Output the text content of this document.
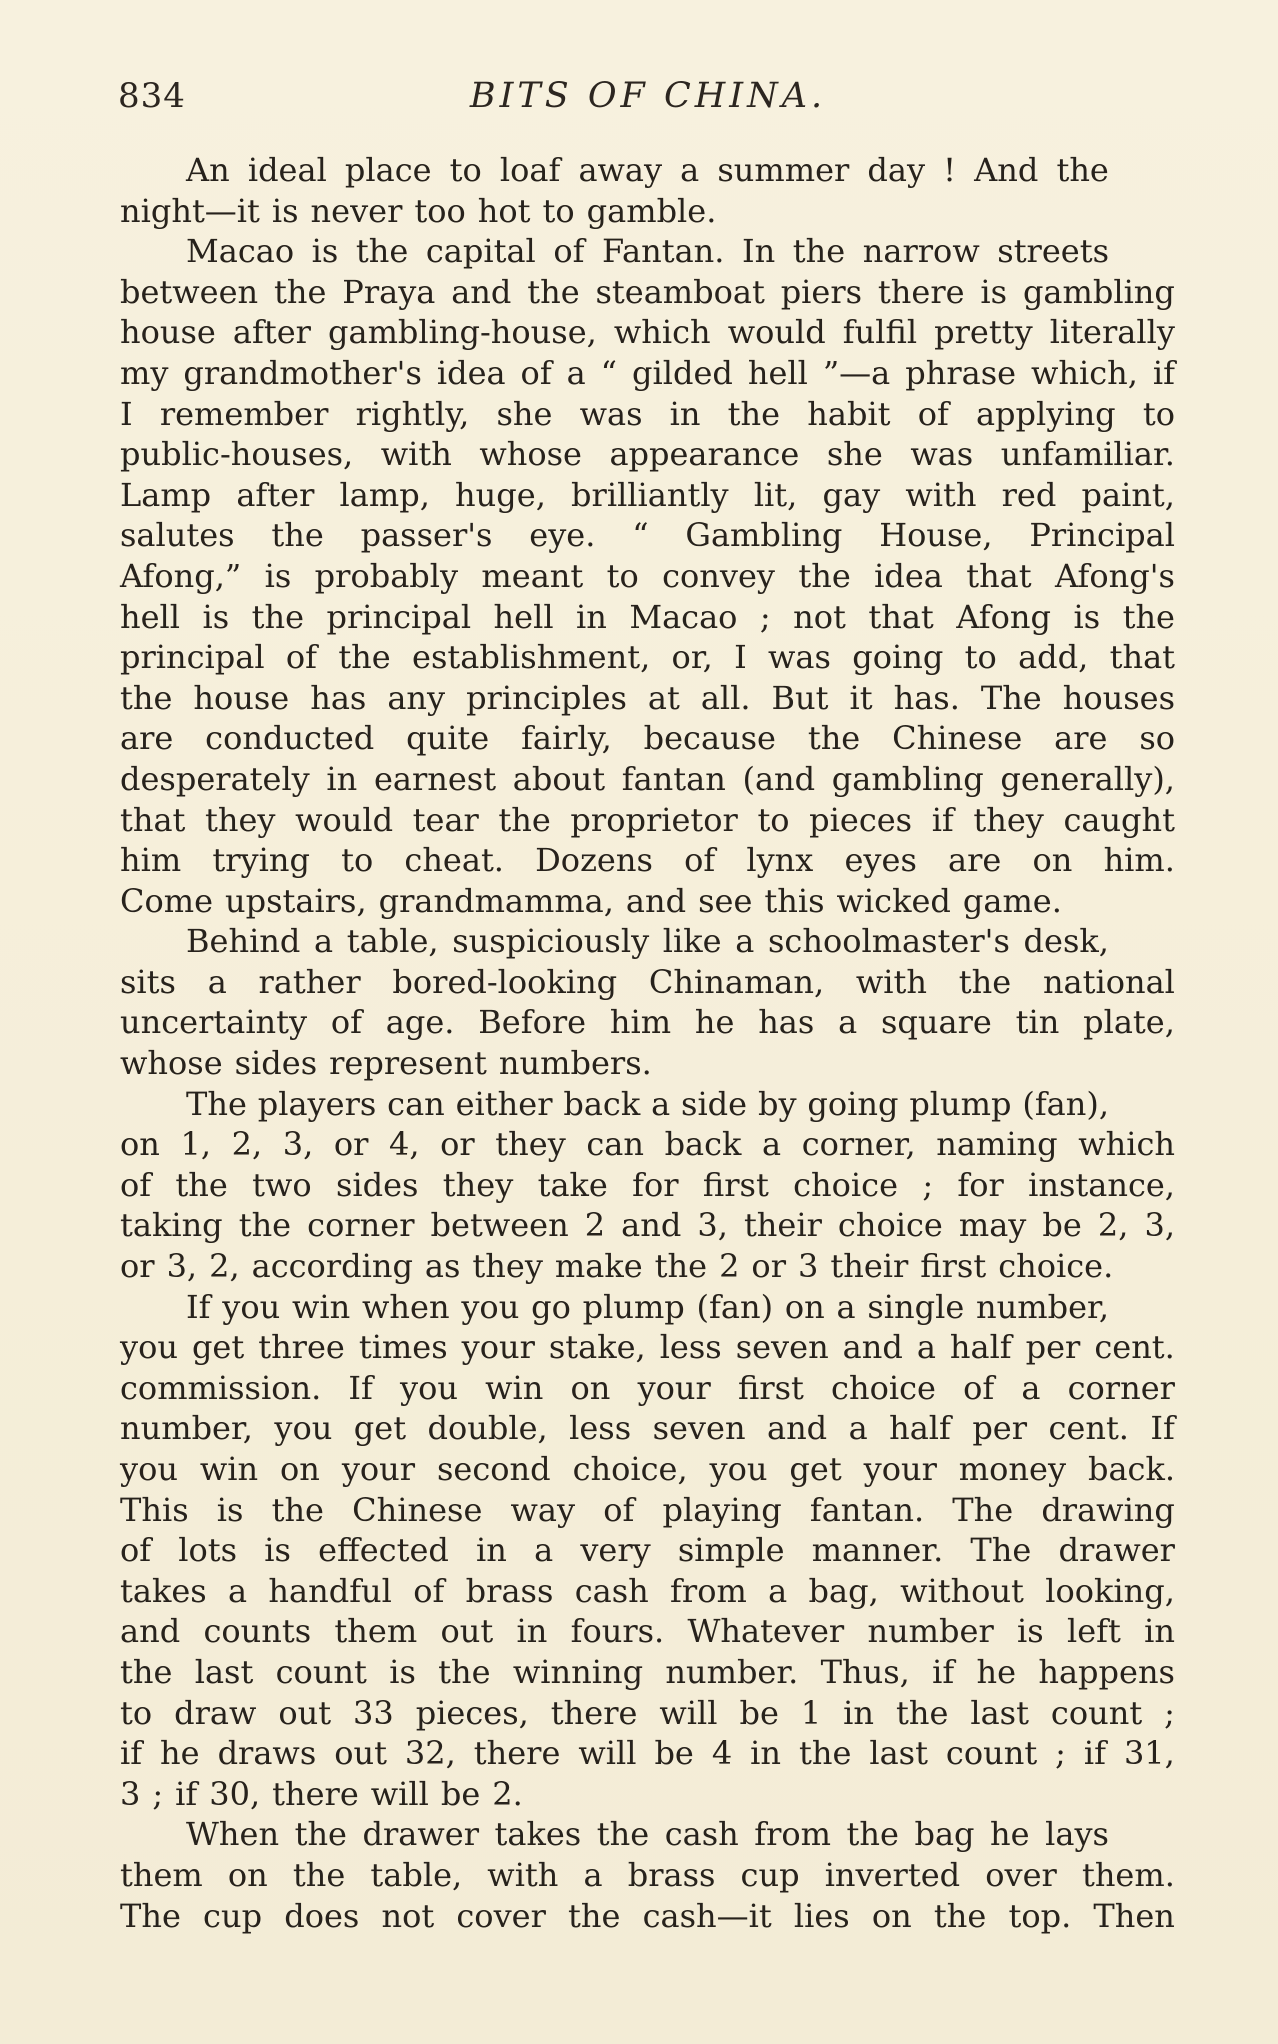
834	BITS OF CHINA.
An ideal place to loaf away a summer day ! And the
night—it is never too hot to gamble.
Macao is the capital of Fantan. In the narrow streets
between the Praya and the steamboat piers there is gambling
house after gambling-house, which would fulfil pretty literally
my grandmother's idea of a “ gilded hell ”—a phrase which, if
I remember rightly, she was in the habit of applying to
public-houses, with whose appearance she was unfamiliar.
Lamp after lamp, huge, brilliantly lit, gay with red paint,
salutes the passer's eye. “ Gambling House, Principal
Afong,” is probably meant to convey the idea that Afong's
hell is the principal hell in Macao ; not that Afong is the
principal of the establishment, or, I was going to add, that
the house has any principles at all. But it has. The houses
are conducted quite fairly, because the Chinese are so
desperately in earnest about fantan (and gambling generally),
that they would tear the proprietor to pieces if they caught
him trying to cheat. Dozens of lynx eyes are on him.
Come upstairs, grandmamma, and see this wicked game.
Behind a table, suspiciously like a schoolmaster's desk,
sits a rather bored-looking Chinaman, with the national
uncertainty of age. Before him he has a square tin plate,
whose sides represent numbers.
The players can either back a side by going plump (fan),
on 1, 2, 3, or 4, or they can back a corner, naming which
of the two sides they take for first choice ; for instance,
taking the corner between 2 and 3, their choice may be 2, 3,
or 3, 2, according as they make the 2 or 3 their first choice.
If you win when you go plump (fan) on a single number,
you get three times your stake, less seven and a half per cent.
commission. If you win on your first choice of a corner
number, you get double, less seven and a half per cent. If
you win on your second choice, you get your money back.
This is the Chinese way of playing fantan. The drawing
of lots is effected in a very simple manner. The drawer
takes a handful of brass cash from a bag, without looking,
and counts them out in fours. Whatever number is left in
the last count is the winning number. Thus, if he happens
to draw out 33 pieces, there will be 1 in the last count ;
if he draws out 32, there will be 4 in the last count ; if 31,
3 ; if 30, there will be 2.
When the drawer takes the cash from the bag he lays
them on the table, with a brass cup inverted over them.
The cup does not cover the cash—it lies on the top. Then
